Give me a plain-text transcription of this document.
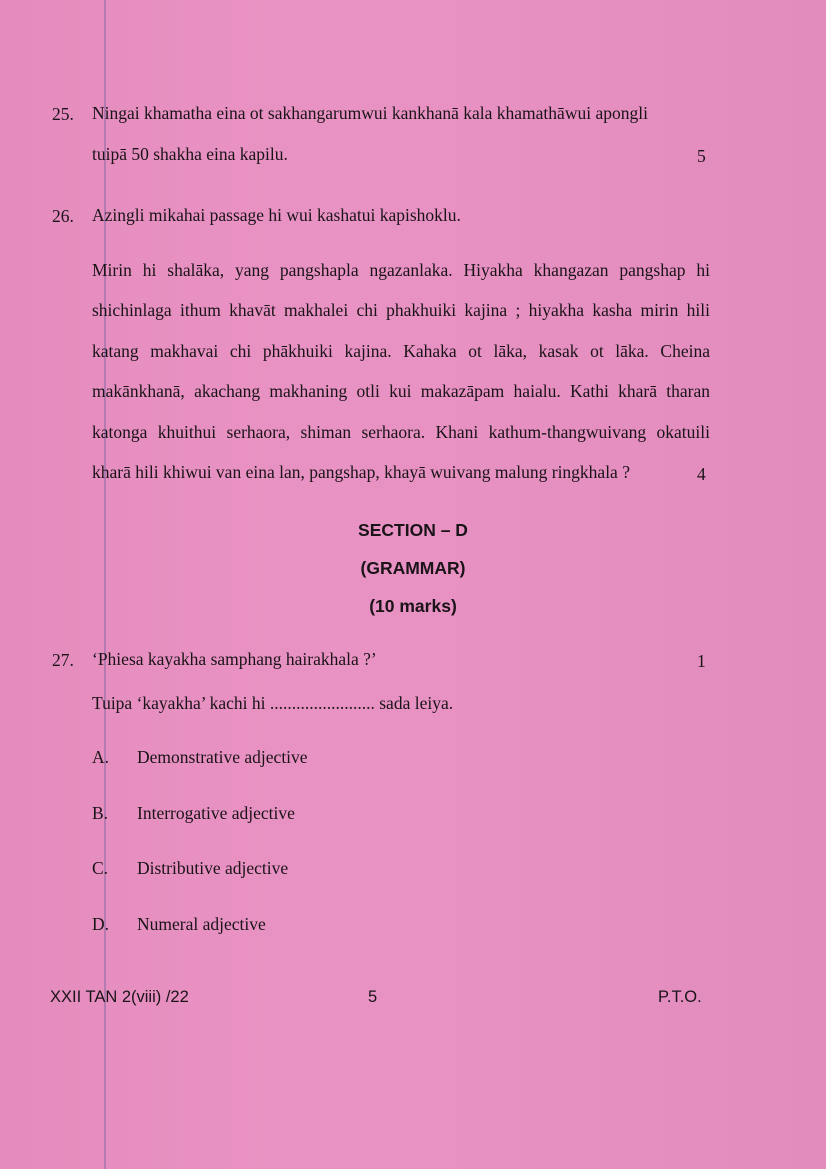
25. Ningai khamatha eina ot sakhangarumwui kankhanā kala khamathāwui apongli
tuipā 50 shakha eina kapilu.	5
26. Azingli mikahai passage hi wui kashatui kapishoklu.
Mirin hi shalāka, yang pangshapla ngazanlaka. Hiyakha khangazan pangshap hi
shichinlaga ithum khavāt makhalei chi phakhuiki kajina ; hiyakha kasha mirin hili
katang makhavai chi phākhuiki kajina. Kahaka ot lāka, kasak ot lāka. Cheina
makānkhanā, akachang makhaning otli kui makazāpam haialu. Kathi kharā tharan
katonga khuithui serhaora, shiman serhaora. Khani kathum-thangwuivang okatuili
kharā hili khiwui van eina lan, pangshap, khayā wuivang malung ringkhala ?	4
SECTION – D
(GRAMMAR)
(10 marks)
27. ‘Phiesa kayakha samphang hairakhala ?’	1
Tuipa ‘kayakha’ kachi hi ........................ sada leiya.
A. Demonstrative adjective
B. Interrogative adjective
C. Distributive adjective
D. Numeral adjective
XXII TAN 2(viii) /22	5	P.T.O.
